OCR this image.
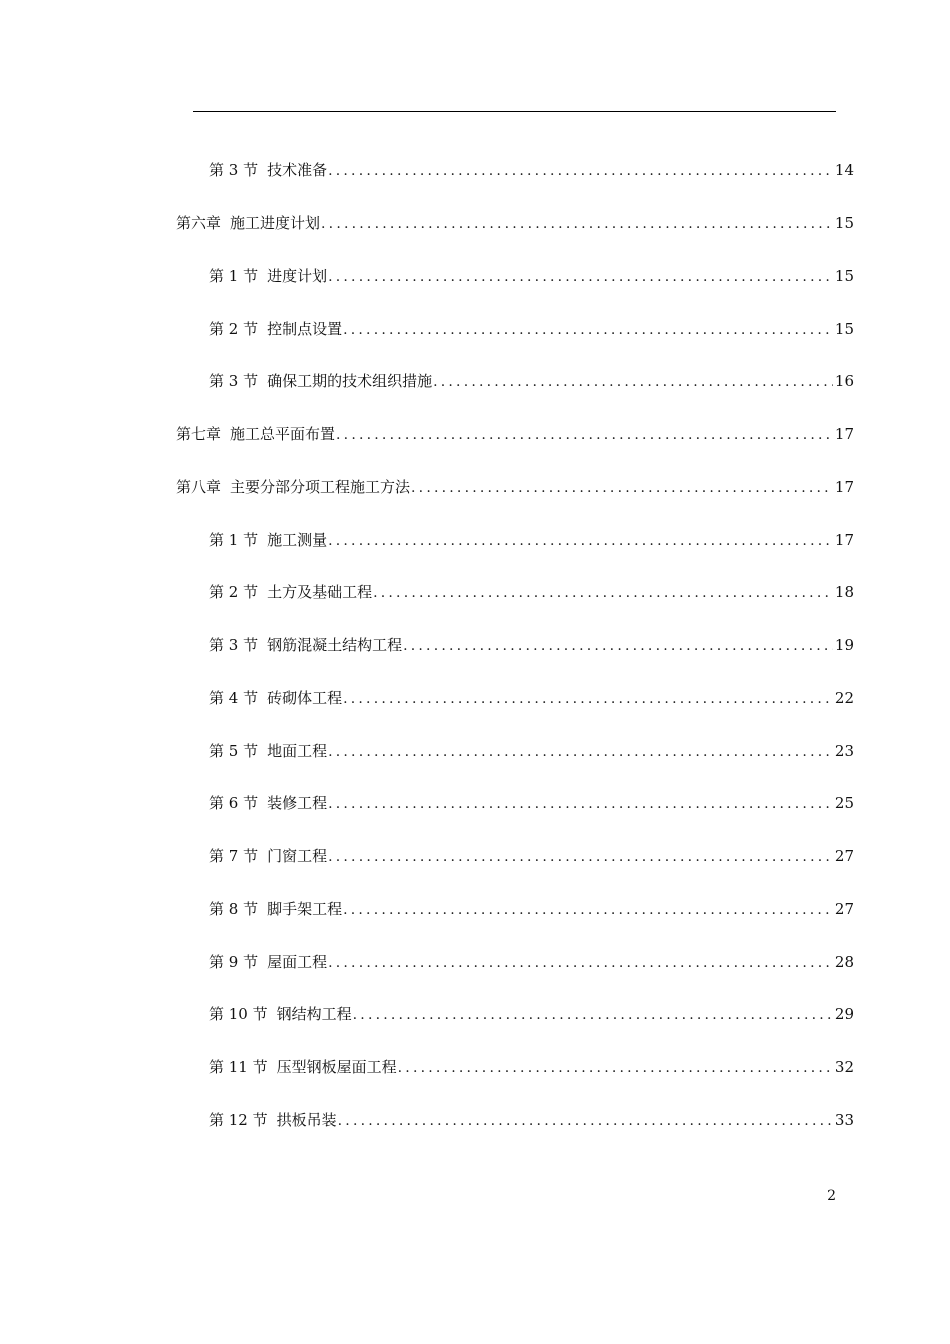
第 3 节 技术准备 .....	14
第六章 施工进度计划 .....	15
第 1 节 进度计划 .....	15
第 2 节 控制点设置 .....	15
第 3 节 确保工期的技术组织措施 .....	16
第七章 施工总平面布置 .....	17
第八章 主要分部分项工程施工方法 .....	17
第 1 节 施工测量 .....	17
第 2 节 土方及基础工程 .....	18
第 3 节 钢筋混凝土结构工程 .....	19
第 4 节 砖砌体工程 .....	22
第 5 节 地面工程 .....	23
第 6 节 装修工程 .....	25
第 7 节 门窗工程 .....	27
第 8 节 脚手架工程 .....	27
第 9 节 屋面工程 .....	28
第 10 节 钢结构工程 .....	29
第 11 节 压型钢板屋面工程 .....	32
第 12 节 拱板吊装 .....	33
2
